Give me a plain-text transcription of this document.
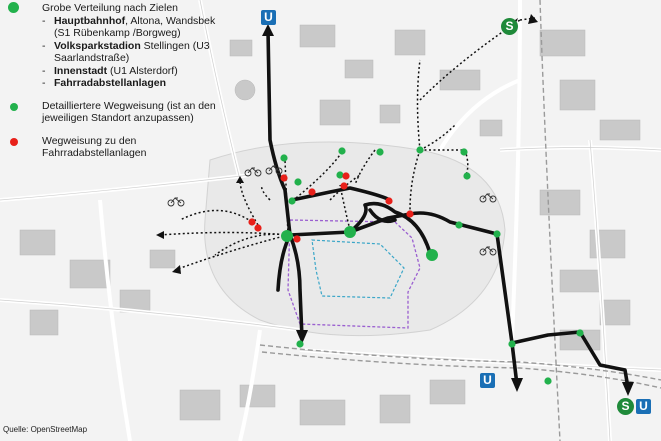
U
S
U
S U
Grobe Verteilung nach Zielen
- Hauptbahnhof, Altona, Wandsbek (S1 Rübenkamp /Borgweg)
- Volksparkstadion Stellingen (U3 Saarlandstraße)
- Innenstadt (U1 Alsterdorf)
- Fahrradabstellanlagen
Detailliertere Wegweisung (ist an den jeweiligen Standort anzupassen)
Wegweisung zu den Fahrradabstellanlagen
Quelle: OpenStreetMap
